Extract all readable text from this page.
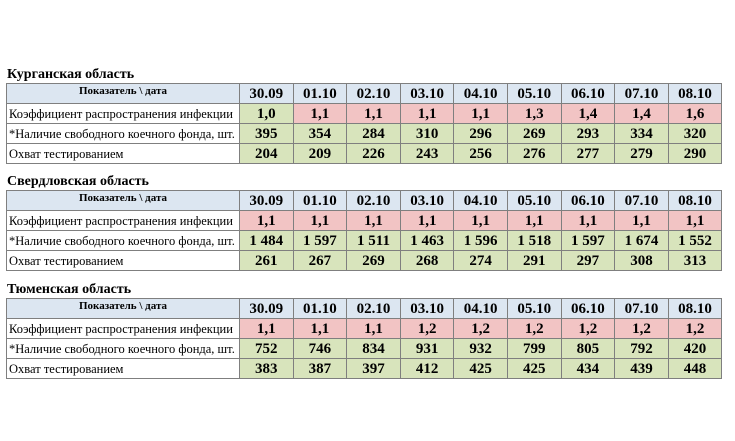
Курганская область
Показатель \ дата	30.09	01.10	02.10	03.10	04.10	05.10	06.10	07.10	08.10
Коэффициент распространения инфекции	1,0	1,1	1,1	1,1	1,1	1,3	1,4	1,4	1,6
*Наличие свободного коечного фонда, шт.	395	354	284	310	296	269	293	334	320
Охват тестированием	204	209	226	243	256	276	277	279	290
Свердловская область
Показатель \ дата	30.09	01.10	02.10	03.10	04.10	05.10	06.10	07.10	08.10
Коэффициент распространения инфекции	1,1	1,1	1,1	1,1	1,1	1,1	1,1	1,1	1,1
*Наличие свободного коечного фонда, шт.	1 484	1 597	1 511	1 463	1 596	1 518	1 597	1 674	1 552
Охват тестированием	261	267	269	268	274	291	297	308	313
Тюменская область
Показатель \ дата	30.09	01.10	02.10	03.10	04.10	05.10	06.10	07.10	08.10
Коэффициент распространения инфекции	1,1	1,1	1,1	1,2	1,2	1,2	1,2	1,2	1,2
*Наличие свободного коечного фонда, шт.	752	746	834	931	932	799	805	792	420
Охват тестированием	383	387	397	412	425	425	434	439	448
